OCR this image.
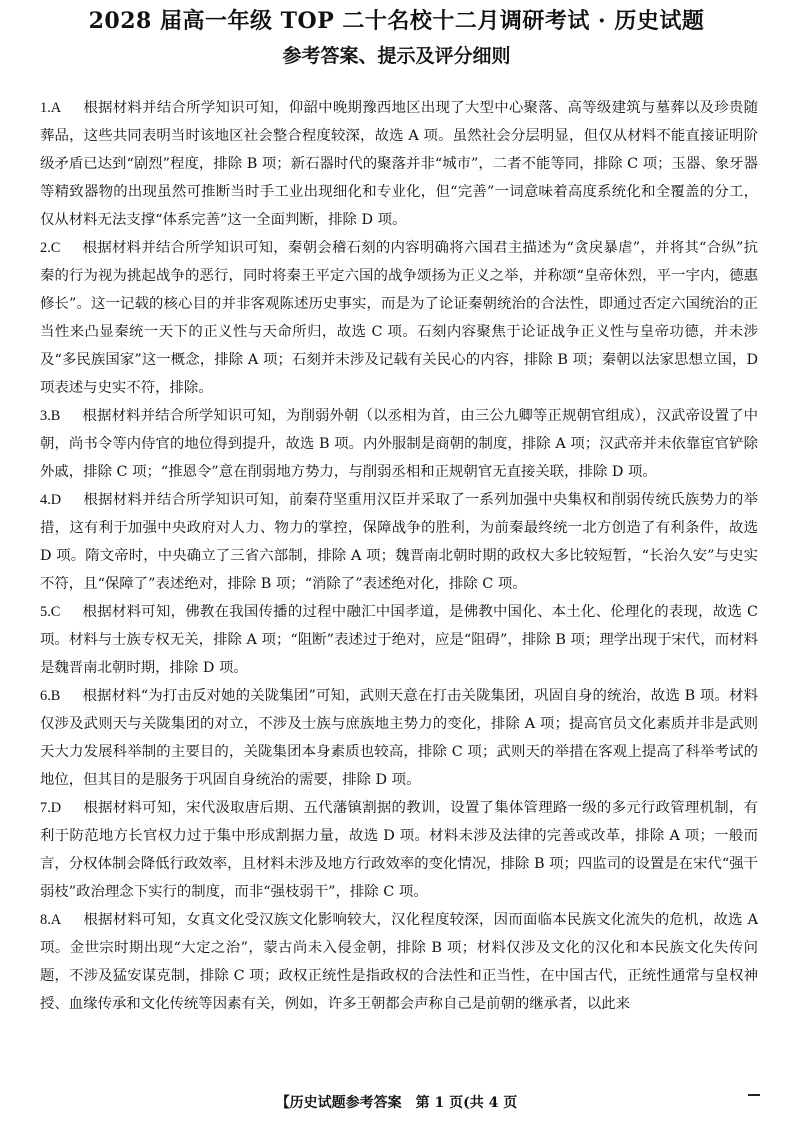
2028 届高一年级 TOP 二十名校十二月调研考试 · 历史试题
参考答案、提示及评分细则

1.A 根据材料并结合所学知识可知，仰韶中晚期豫西地区出现了大型中心聚落、高等级建筑与墓葬以及珍贵随葬品，这些共同表明当时该地区社会整合程度较深，故选 A 项。虽然社会分层明显，但仅从材料不能直接证明阶级矛盾已达到“剧烈”程度，排除 B 项；新石器时代的聚落并非“城市”，二者不能等同，排除 C 项；玉器、象牙器等精致器物的出现虽然可推断当时手工业出现细化和专业化，但“完善”一词意味着高度系统化和全覆盖的分工，仅从材料无法支撑“体系完善”这一全面判断，排除 D 项。

2.C 根据材料并结合所学知识可知，秦朝会稽石刻的内容明确将六国君主描述为“贪戾暴虐”，并将其“合纵”抗秦的行为视为挑起战争的恶行，同时将秦王平定六国的战争颂扬为正义之举，并称颂“皇帝休烈，平一宇内，德惠修长”。这一记载的核心目的并非客观陈述历史事实，而是为了论证秦朝统治的合法性，即通过否定六国统治的正当性来凸显秦统一天下的正义性与天命所归，故选 C 项。石刻内容聚焦于论证战争正义性与皇帝功德，并未涉及“多民族国家”这一概念，排除 A 项；石刻并未涉及记载有关民心的内容，排除 B 项；秦朝以法家思想立国，D 项表述与史实不符，排除。

3.B 根据材料并结合所学知识可知，为削弱外朝（以丞相为首，由三公九卿等正规朝官组成），汉武帝设置了中朝，尚书令等内侍官的地位得到提升，故选 B 项。内外服制是商朝的制度，排除 A 项；汉武帝并未依靠宦官铲除外戚，排除 C 项；“推恩令”意在削弱地方势力，与削弱丞相和正规朝官无直接关联，排除 D 项。

4.D 根据材料并结合所学知识可知，前秦苻坚重用汉臣并采取了一系列加强中央集权和削弱传统氏族势力的举措，这有利于加强中央政府对人力、物力的掌控，保障战争的胜利，为前秦最终统一北方创造了有利条件，故选 D 项。隋文帝时，中央确立了三省六部制，排除 A 项；魏晋南北朝时期的政权大多比较短暂，“长治久安”与史实不符，且“保障了”表述绝对，排除 B 项；“消除了”表述绝对化，排除 C 项。

5.C 根据材料可知，佛教在我国传播的过程中融汇中国孝道，是佛教中国化、本土化、伦理化的表现，故选 C 项。材料与士族专权无关，排除 A 项；“阻断”表述过于绝对，应是“阻碍”，排除 B 项；理学出现于宋代，而材料是魏晋南北朝时期，排除 D 项。

6.B 根据材料“为打击反对她的关陇集团”可知，武则天意在打击关陇集团，巩固自身的统治，故选 B 项。材料仅涉及武则天与关陇集团的对立，不涉及士族与庶族地主势力的变化，排除 A 项；提高官员文化素质并非是武则天大力发展科举制的主要目的，关陇集团本身素质也较高，排除 C 项；武则天的举措在客观上提高了科举考试的地位，但其目的是服务于巩固自身统治的需要，排除 D 项。

7.D 根据材料可知，宋代汲取唐后期、五代藩镇割据的教训，设置了集体管理路一级的多元行政管理机制，有利于防范地方长官权力过于集中形成割据力量，故选 D 项。材料未涉及法律的完善或改革，排除 A 项；一般而言，分权体制会降低行政效率，且材料未涉及地方行政效率的变化情况，排除 B 项；四监司的设置是在宋代“强干弱枝”政治理念下实行的制度，而非“强枝弱干”，排除 C 项。

8.A 根据材料可知，女真文化受汉族文化影响较大，汉化程度较深，因而面临本民族文化流失的危机，故选 A 项。金世宗时期出现“大定之治”，蒙古尚未入侵金朝，排除 B 项；材料仅涉及文化的汉化和本民族文化失传问题，不涉及猛安谋克制，排除 C 项；政权正统性是指政权的合法性和正当性，在中国古代，正统性通常与皇权神授、血缘传承和文化传统等因素有关，例如，许多王朝都会声称自己是前朝的继承者，以此来

【历史试题参考答案　第 1 页(共 4 页
